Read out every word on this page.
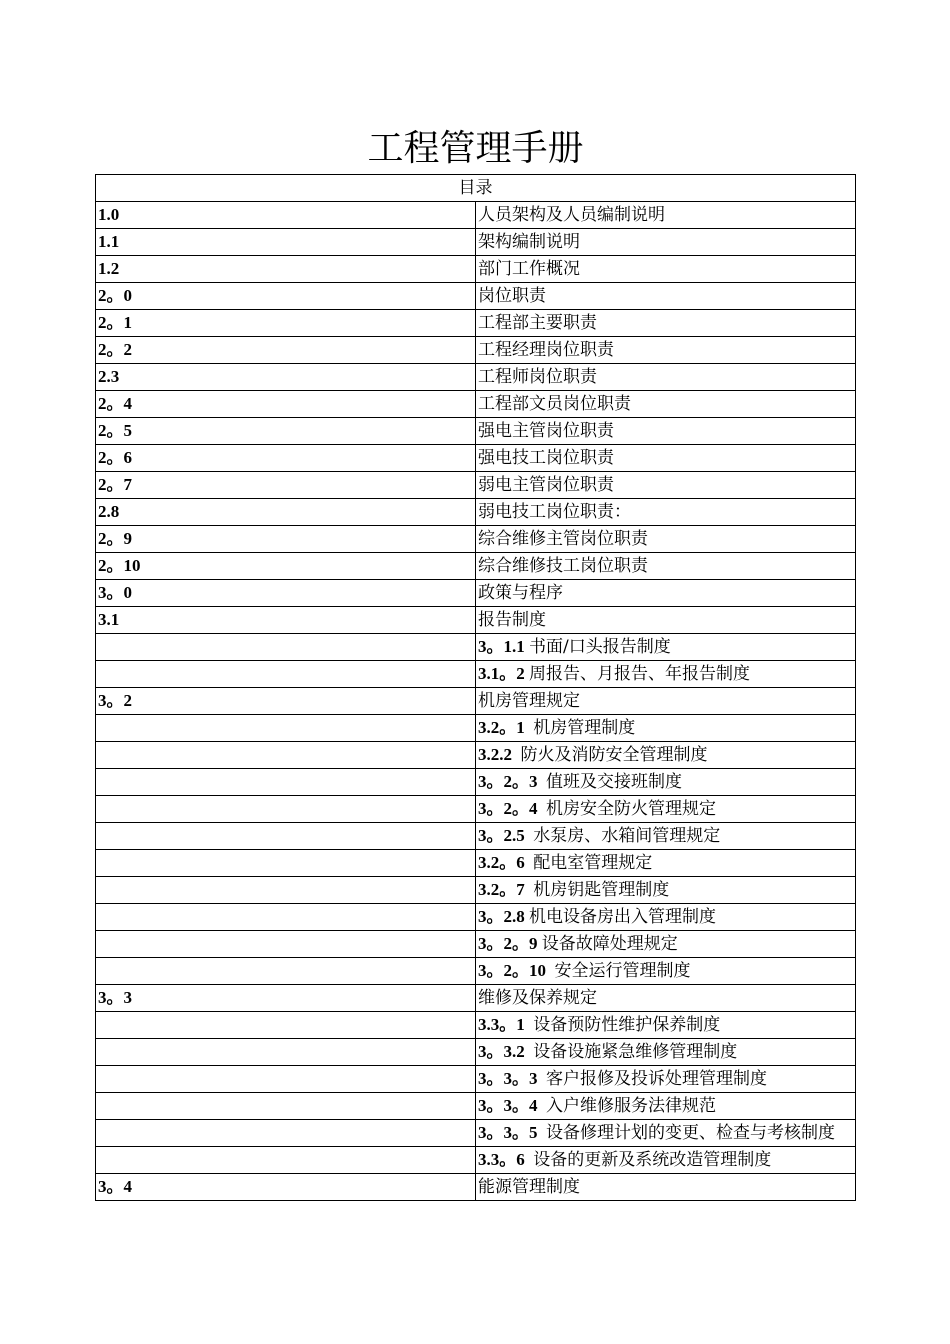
工程管理手册
目录	
1.0	人员架构及人员编制说明
1.1	架构编制说明
1.2	部门工作概况
2。0	岗位职责
2。1	工程部主要职责
2。2	工程经理岗位职责
2.3	工程师岗位职责
2。4	工程部文员岗位职责
2。5	强电主管岗位职责
2。6	强电技工岗位职责
2。7	弱电主管岗位职责
2.8	弱电技工岗位职责：
2。9	综合维修主管岗位职责
2。10	综合维修技工岗位职责
3。0	政策与程序
3.1	报告制度
	3。1.1 书面/口头报告制度
	3.1。2 周报告、月报告、年报告制度
3。2	机房管理规定
	3.2。1  机房管理制度
	3.2.2  防火及消防安全管理制度
	3。2。3  值班及交接班制度
	3。2。4  机房安全防火管理规定
	3。2.5  水泵房、水箱间管理规定
	3.2。6  配电室管理规定
	3.2。7  机房钥匙管理制度
	3。2.8 机电设备房出入管理制度
	3。2。9 设备故障处理规定
	3。2。10  安全运行管理制度
3。3	维修及保养规定
	3.3。1  设备预防性维护保养制度
	3。3.2  设备设施紧急维修管理制度
	3。3。3  客户报修及投诉处理管理制度
	3。3。4  入户维修服务法律规范
	3。3。5  设备修理计划的变更、检查与考核制度
	3.3。6  设备的更新及系统改造管理制度
3。4	能源管理制度
